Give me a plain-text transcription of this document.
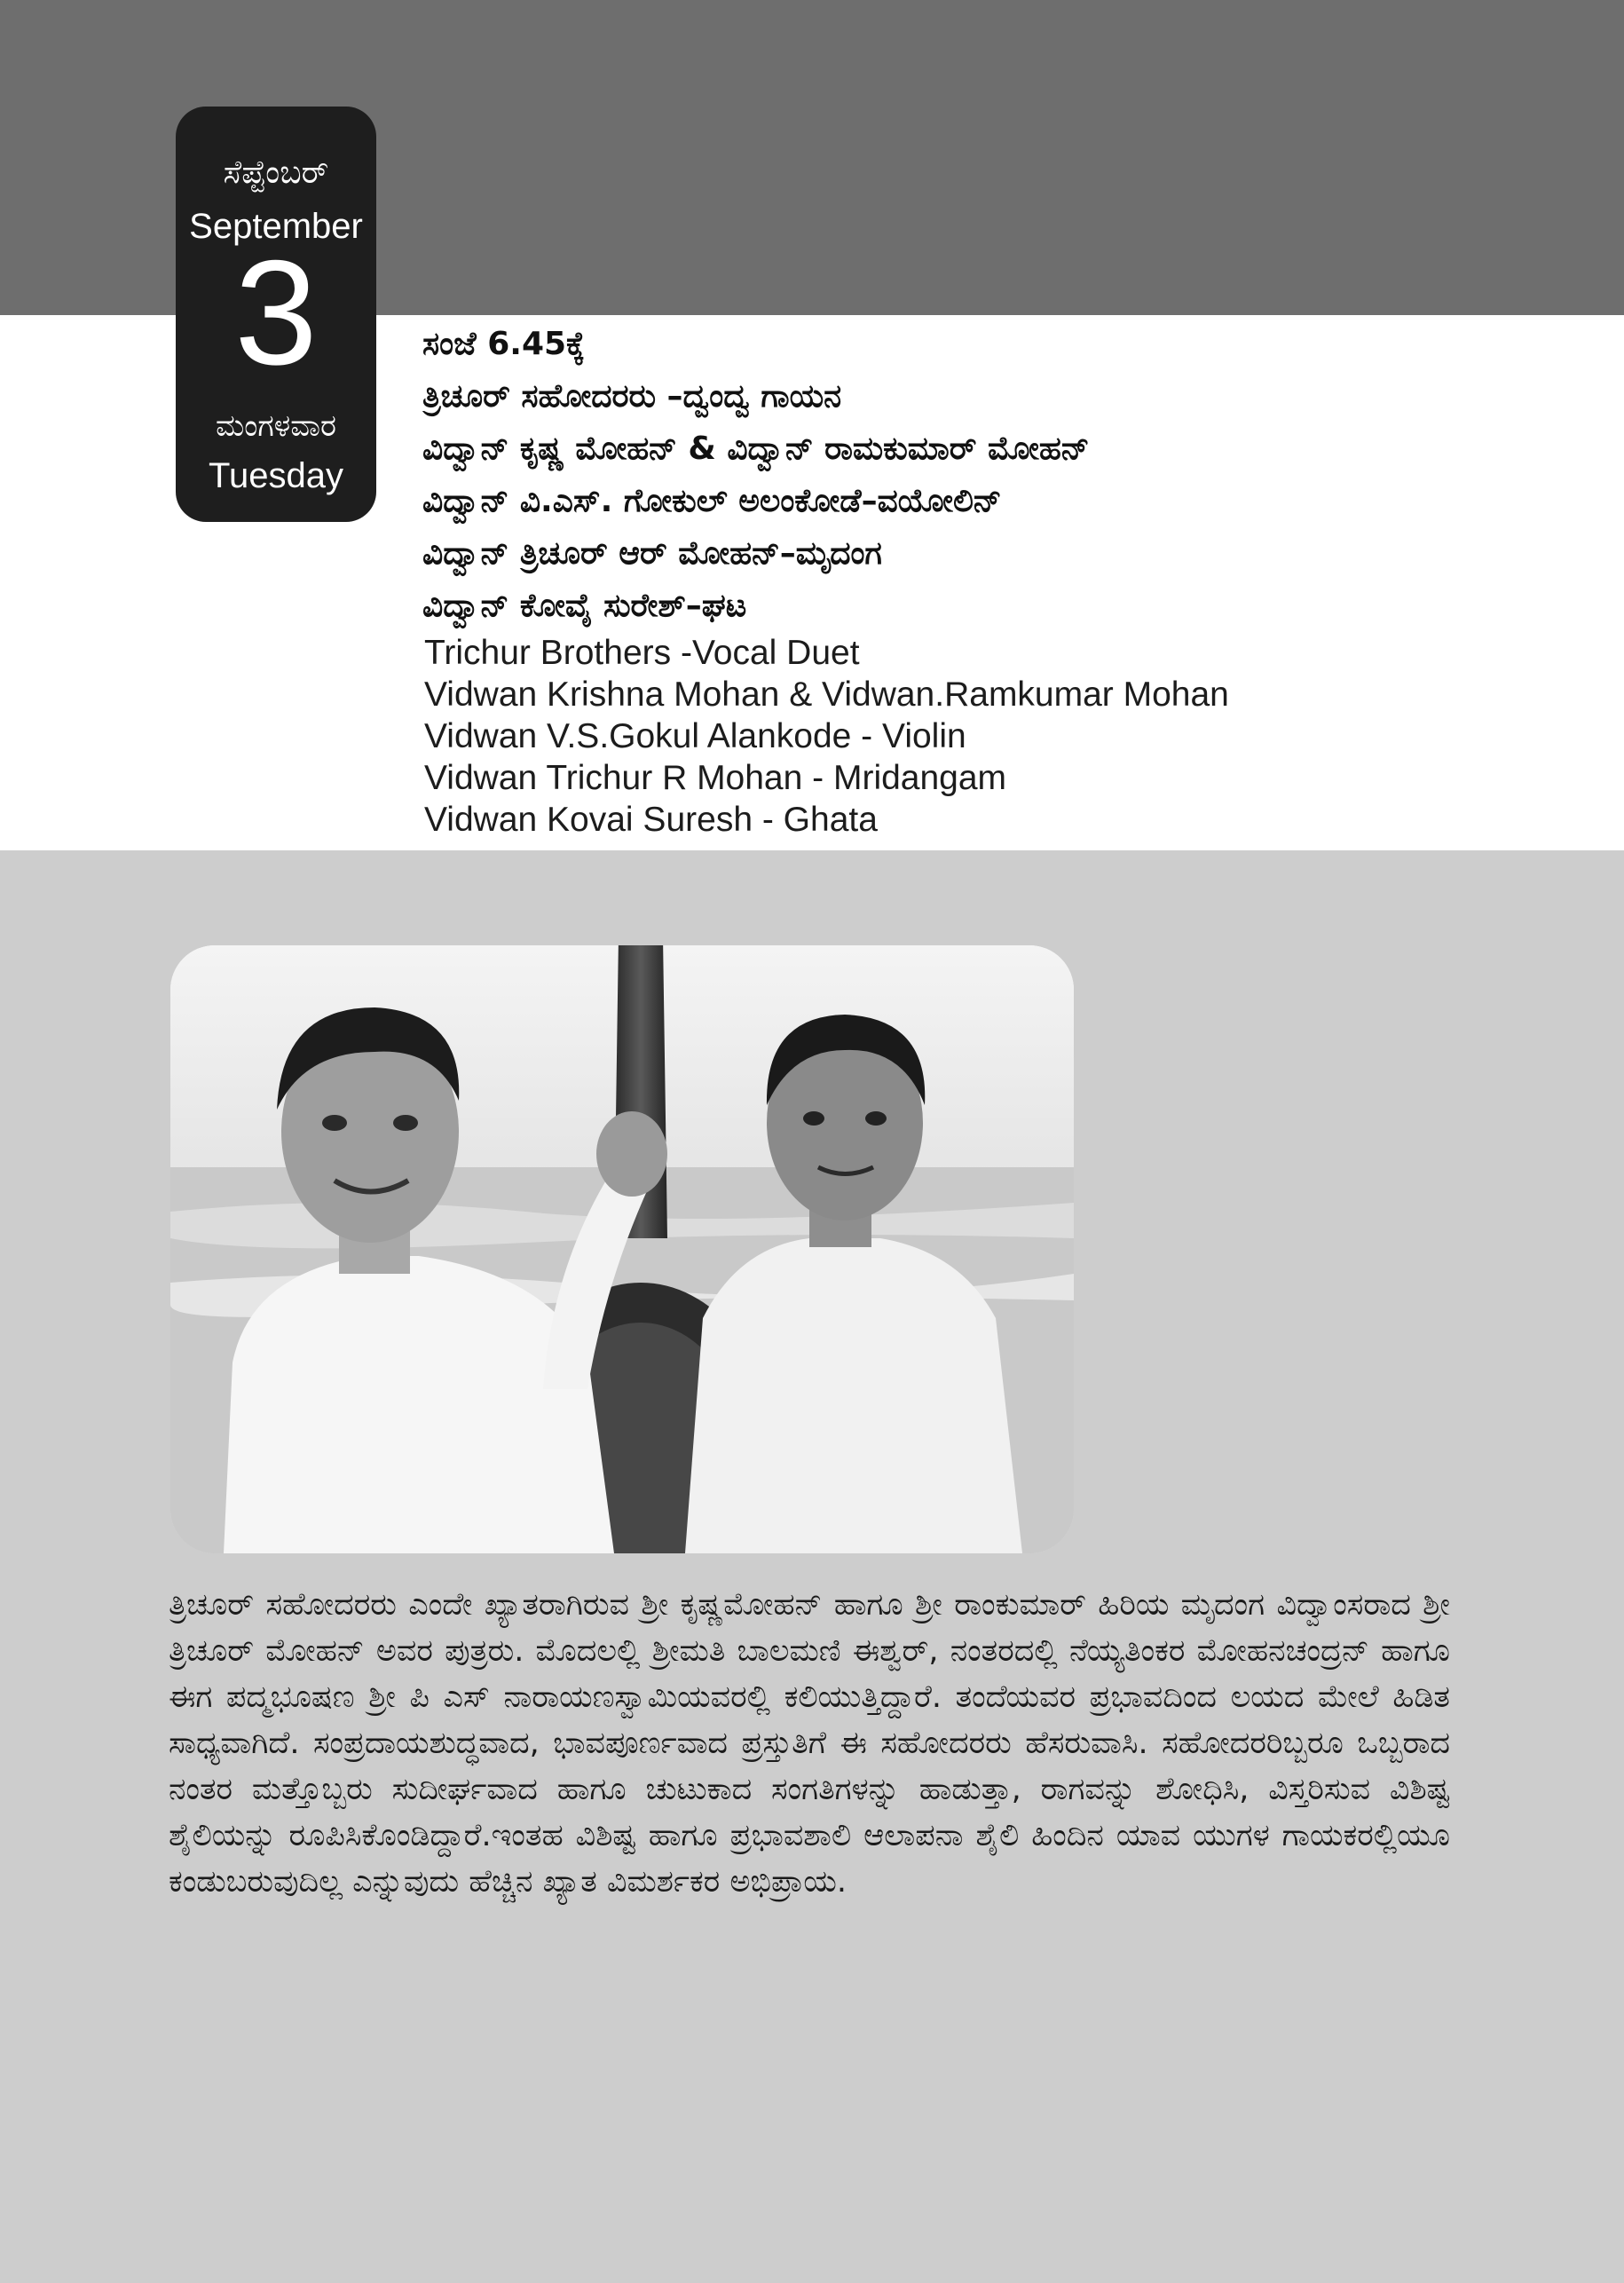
ಸೆಪ್ಟೆಂಬರ್
September
3
ಮಂಗಳವಾರ
Tuesday
ಸಂಜೆ 6.45ಕ್ಕೆ
ತ್ರಿಚೂರ್ ಸಹೋದರರು –ದ್ವಂದ್ವ ಗಾಯನ
ವಿದ್ವಾನ್ ಕೃಷ್ಣ ಮೋಹನ್ & ವಿದ್ವಾನ್ ರಾಮಕುಮಾರ್ ಮೋಹನ್
ವಿದ್ವಾನ್ ವಿ.ಎಸ್. ಗೋಕುಲ್ ಅಲಂಕೋಡೆ–ವಯೋಲಿನ್
ವಿದ್ವಾನ್ ತ್ರಿಚೂರ್ ಆರ್ ಮೋಹನ್–ಮೃದಂಗ
ವಿದ್ವಾನ್ ಕೋವೈ ಸುರೇಶ್–ಘಟ
Trichur Brothers -Vocal Duet
Vidwan Krishna Mohan & Vidwan.Ramkumar Mohan
Vidwan V.S.Gokul Alankode - Violin
Vidwan Trichur R Mohan - Mridangam
Vidwan Kovai Suresh - Ghata

ತ್ರಿಚೂರ್ ಸಹೋದರರು ಎಂದೇ ಖ್ಯಾತರಾಗಿರುವ ಶ್ರೀ ಕೃಷ್ಣಮೋಹನ್ ಹಾಗೂ ಶ್ರೀ ರಾಂಕುಮಾರ್ ಹಿರಿಯ ಮೃದಂಗ ವಿದ್ವಾಂಸರಾದ ಶ್ರೀ ತ್ರಿಚೂರ್ ಮೋಹನ್ ಅವರ ಪುತ್ರರು. ಮೊದಲಲ್ಲಿ ಶ್ರೀಮತಿ ಬಾಲಮಣಿ ಈಶ್ವರ್, ನಂತರದಲ್ಲಿ ನೆಯ್ಯತಿಂಕರ ಮೋಹನಚಂದ್ರನ್ ಹಾಗೂ ಈಗ ಪದ್ಮಭೂಷಣ ಶ್ರೀ ಪಿ ಎಸ್ ನಾರಾಯಣಸ್ವಾಮಿಯವರಲ್ಲಿ ಕಲಿಯುತ್ತಿದ್ದಾರೆ. ತಂದೆಯವರ ಪ್ರಭಾವದಿಂದ ಲಯದ ಮೇಲೆ ಹಿಡಿತ ಸಾಧ್ಯವಾಗಿದೆ. ಸಂಪ್ರದಾಯಶುದ್ಧವಾದ, ಭಾವಪೂರ್ಣವಾದ ಪ್ರಸ್ತುತಿಗೆ ಈ ಸಹೋದರರು ಹೆಸರುವಾಸಿ. ಸಹೋದರರಿಬ್ಬರೂ ಒಬ್ಬರಾದ ನಂತರ ಮತ್ತೊಬ್ಬರು ಸುದೀರ್ಘವಾದ ಹಾಗೂ ಚುಟುಕಾದ ಸಂಗತಿಗಳನ್ನು ಹಾಡುತ್ತಾ, ರಾಗವನ್ನು ಶೋಧಿಸಿ, ವಿಸ್ತರಿಸುವ ವಿಶಿಷ್ಟ ಶೈಲಿಯನ್ನು ರೂಪಿಸಿಕೊಂಡಿದ್ದಾರೆ.ಇಂತಹ ವಿಶಿಷ್ಟ ಹಾಗೂ ಪ್ರಭಾವಶಾಲಿ ಆಲಾಪನಾ ಶೈಲಿ ಹಿಂದಿನ ಯಾವ ಯುಗಳ ಗಾಯಕರಲ್ಲಿಯೂ ಕಂಡುಬರುವುದಿಲ್ಲ ಎನ್ನುವುದು ಹೆಚ್ಚಿನ ಖ್ಯಾತ ವಿಮರ್ಶಕರ ಅಭಿಪ್ರಾಯ.
